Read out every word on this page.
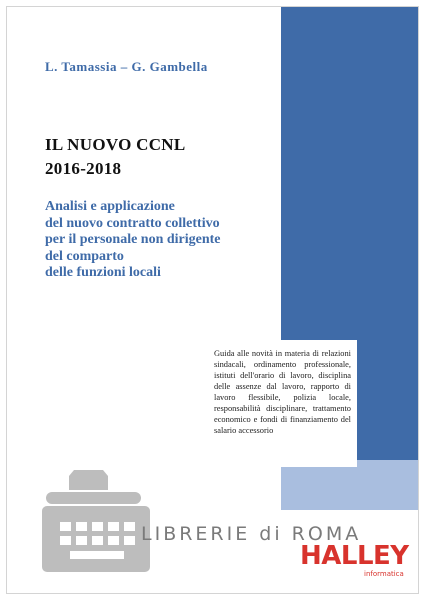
L. Tamassia – G. Gambella
IL NUOVO CCNL
2016-2018
Analisi e applicazione
del nuovo contratto collettivo
per il personale non dirigente
del comparto
delle funzioni locali
Guida alle novità in materia di relazioni sindacali, ordinamento professionale, istituti dell'orario di lavoro, disciplina delle assenze dal lavoro, rapporto di lavoro flessibile, polizia locale, responsabilità disciplinare, trattamento economico e fondi di finanziamento del salario accessorio
LIBRERIE di ROMA
HALLEY
informatica
